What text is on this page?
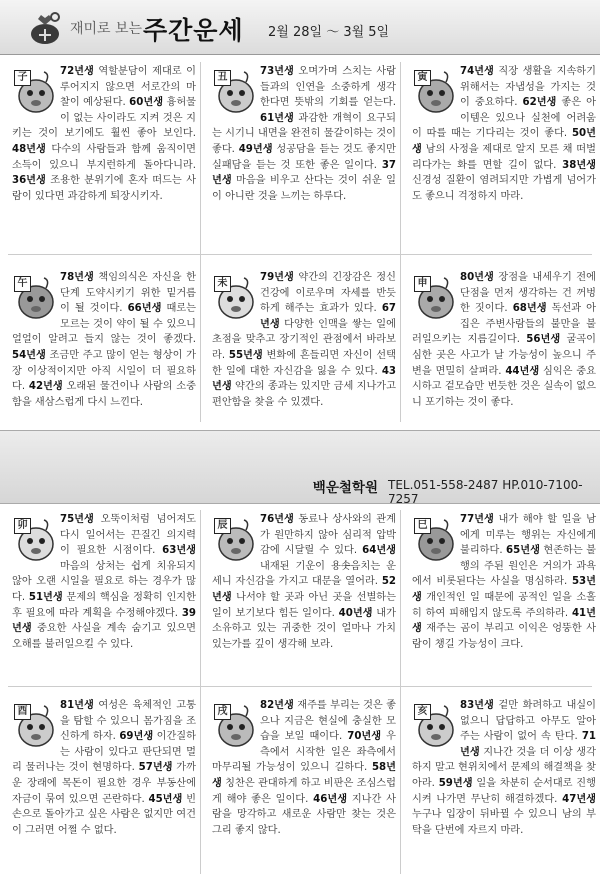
재미로 보는 주간운세 2월 28일 ～ 3월 5일
백운철학원 TEL.051-558-2487 HP.010-7100-7257
子
72년생 역할분담이 제대로 이루어지지 않으면 서로간의 마찰이 예상된다. 60년생 흉허물이 없는 사이라도 지켜 것은 지키는 것이 보기에도 훨씬 좋아 보인다. 48년생 다수의 사람들과 함께 움직이면 소득이 있으니 부지런하게 돌아다니라. 36년생 조용한 분위기에 혼자 떠드는 사람이 있다면 과감하게 퇴장시키자.
丑
73년생 오며가며 스치는 사람들과의 인연을 소중하게 생각한다면 뜻밖의 기회를 얻는다. 61년생 과감한 개혁이 요구되는 시기니 내면을 완전히 물갈이하는 것이 좋다. 49년생 성공담을 듣는 것도 좋지만 실패담을 듣는 것 또한 좋은 일이다. 37년생 마음을 비우고 산다는 것이 쉬운 일이 아니란 것을 느끼는 하루다.
寅
74년생 직장 생활을 지속하기 위해서는 자냅성을 가지는 것이 중요하다. 62년생 좋은 아이템은 있으나 실천에 어려움이 따를 때는 기다리는 것이 좋다. 50년생 남의 사정을 제대로 알지 모른 채 떠벌리다가는 화를 면할 길이 없다. 38년생 신경성 질환이 염려되지만 가볍게 넘어가도 좋으니 걱정하지 마라.
午
78년생 책임의식은 자신을 한 단계 도약시키기 위한 밑거름이 될 것이다. 66년생 때로는 모르는 것이 약이 될 수 있으니 얼얼이 알려고 들지 않는 것이 좋겠다. 54년생 조금만 주고 많이 얻는 형상이 가장 이상적이지만 아직 시일이 더 필요하다. 42년생 오래된 물건이나 사람의 소중함을 새삼스럽게 다시 느낀다.
未
79년생 약간의 긴장감은 정신건강에 이로우며 자세를 반듯하게 해주는 효과가 있다. 67년생 다양한 인맥을 쌓는 일에 초점을 맞추고 장기적인 관점에서 바라보라. 55년생 변화에 흔들리면 자신이 선택한 일에 대한 자신감을 잃을 수 있다. 43년생 약간의 종과는 있지만 금세 지나가고 편안함을 찾을 수 있겠다.
申
80년생 장점을 내세우기 전에 단점을 먼저 생각하는 건 꺼벙한 짓이다. 68년생 독선과 아집은 주변사람들의 불만을 불러일으키는 지름길이다. 56년생 굴곡이 심한 곳은 사고가 날 가능성이 높으니 주변을 면밀히 살펴라. 44년생 심익은 중요시하고 겉모습만 번듯한 것은 실속이 없으니 포기하는 것이 좋다.
卯
75년생 오뚝이처럼 넘어져도 다시 일어서는 끈질긴 의지력이 필요한 시점이다. 63년생 마음의 상처는 쉽게 치유되지 않아 오랜 시일을 필요로 하는 경우가 많다. 51년생 문제의 핵심을 정확히 인지한 후 필요에 따라 계획을 수정해야겠다. 39년생 중요한 사실을 계속 숨기고 있으면 오해를 불러일으킬 수 있다.
辰
76년생 동료나 상사와의 관계가 원만하지 않아 심리적 압박감에 시달릴 수 있다. 64년생 내재된 기운이 용솟음치는 운세니 자신감을 가지고 대문을 열어라. 52년생 나서야 할 곳과 아닌 곳을 선별하는 일이 보기보다 힘든 일이다. 40년생 내가 소유하고 있는 귀중한 것이 얼마나 가치 있는가를 깊이 생각해 보라.
巳
77년생 내가 해야 할 일을 남에게 미루는 행위는 자신에게 불리하다. 65년생 현존하는 불행의 주된 원인은 거의가 과욕에서 비롯된다는 사실을 명심하라. 53년생 개인적인 일 때문에 공적인 일을 소홀히 하여 피해입지 않도록 주의하라. 41년생 재주는 곰이 부리고 이익은 엉뚱한 사람이 챙길 가능성이 크다.
酉
81년생 여성은 육체적인 고통을 탐할 수 있으니 몸가짐을 조신하게 하자. 69년생 이간질하는 사람이 있다고 판단되면 멀리 물러나는 것이 현명하다. 57년생 가까운 장래에 목돈이 필요한 경우 부동산에 자금이 묶여 있으면 곤란하다. 45년생 빈손으로 돌아가고 싶은 사람은 없지만 여건이 그러면 어쩔 수 없다.
戌
82년생 재주를 부리는 것은 좋으나 지금은 현실에 충실한 모습을 보일 때이다. 70년생 우측에서 시작한 일은 좌측에서 마무리될 가능성이 있으니 길하다. 58년생 칭찬은 관대하게 하고 비판은 조심스럽게 해야 좋은 일이다. 46년생 지나간 사람을 망각하고 새로운 사람만 찾는 것은 그리 좋지 않다.
亥
83년생 겉만 화려하고 내실이 없으니 답답하고 아무도 알아주는 사람이 없어 속 탄다. 71년생 지나간 것을 더 이상 생각하지 말고 현위치에서 문제의 해결책을 찾아라. 59년생 일을 차분히 순서대로 진행시켜 나가면 무난히 해결하겠다. 47년생 누구나 입장이 뒤바뀔 수 있으니 남의 부탁을 단번에 자르지 마라.
